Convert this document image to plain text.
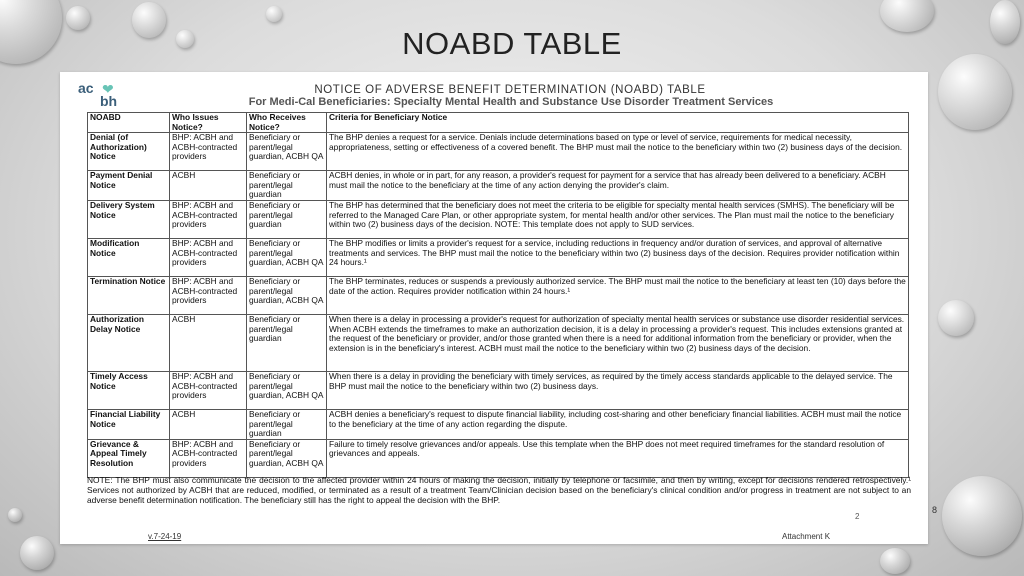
NOABD TABLE
ac ❤
bh
NOTICE OF ADVERSE BENEFIT DETERMINATION (NOABD) TABLE
For Medi-Cal Beneficiaries: Specialty Mental Health and Substance Use Disorder Treatment Services
NOABD	Who Issues Notice?	Who Receives Notice?	Criteria for Beneficiary Notice
Denial (of Authorization) Notice	BHP: ACBH and ACBH-contracted providers	Beneficiary or parent/legal guardian, ACBH QA	The BHP denies a request for a service. Denials include determinations based on type or level of service, requirements for medical necessity, appropriateness, setting or effectiveness of a covered benefit. The BHP must mail the notice to the beneficiary within two (2) business days of the decision.
Payment Denial Notice	ACBH	Beneficiary or parent/legal guardian	ACBH denies, in whole or in part, for any reason, a provider's request for payment for a service that has already been delivered to a beneficiary. ACBH must mail the notice to the beneficiary at the time of any action denying the provider's claim.
Delivery System Notice	BHP: ACBH and ACBH-contracted providers	Beneficiary or parent/legal guardian	The BHP has determined that the beneficiary does not meet the criteria to be eligible for specialty mental health services (SMHS). The beneficiary will be referred to the Managed Care Plan, or other appropriate system, for mental health and/or other services. The Plan must mail the notice to the beneficiary within two (2) business days of the decision. NOTE: This template does not apply to SUD services.
Modification Notice	BHP: ACBH and ACBH-contracted providers	Beneficiary or parent/legal guardian, ACBH QA	The BHP modifies or limits a provider's request for a service, including reductions in frequency and/or duration of services, and approval of alternative treatments and services. The BHP must mail the notice to the beneficiary within two (2) business days of the decision. Requires provider notification within 24 hours.¹
Termination Notice	BHP: ACBH and ACBH-contracted providers	Beneficiary or parent/legal guardian, ACBH QA	The BHP terminates, reduces or suspends a previously authorized service. The BHP must mail the notice to the beneficiary at least ten (10) days before the date of the action. Requires provider notification within 24 hours.¹
Authorization Delay Notice	ACBH	Beneficiary or parent/legal guardian	When there is a delay in processing a provider's request for authorization of specialty mental health services or substance use disorder residential services. When ACBH extends the timeframes to make an authorization decision, it is a delay in processing a provider's request. This includes extensions granted at the request of the beneficiary or provider, and/or those granted when there is a need for additional information from the beneficiary or provider, when the extension is in the beneficiary's interest. ACBH must mail the notice to the beneficiary within two (2) business days of the decision.
Timely Access Notice	BHP: ACBH and ACBH-contracted providers	Beneficiary or parent/legal guardian, ACBH QA	When there is a delay in providing the beneficiary with timely services, as required by the timely access standards applicable to the delayed service. The BHP must mail the notice to the beneficiary within two (2) business days.
Financial Liability Notice	ACBH	Beneficiary or parent/legal guardian	ACBH denies a beneficiary's request to dispute financial liability, including cost-sharing and other beneficiary financial liabilities. ACBH must mail the notice to the beneficiary at the time of any action regarding the dispute.
Grievance & Appeal Timely Resolution	BHP: ACBH and ACBH-contracted providers	Beneficiary or parent/legal guardian, ACBH QA	Failure to timely resolve grievances and/or appeals. Use this template when the BHP does not meet required timeframes for the standard resolution of grievances and appeals.
NOTE: The BHP must also communicate the decision to the affected provider within 24 hours of making the decision, initially by telephone or facsimile, and then by writing, except for decisions rendered retrospectively.¹ Services not authorized by ACBH that are reduced, modified, or terminated as a result of a treatment Team/Clinician decision based on the beneficiary's clinical condition and/or progress in treatment are not subject to an adverse benefit determination notification. The beneficiary still has the right to appeal the decision with the BHP.
2
v.7-24-19	Attachment K
8
